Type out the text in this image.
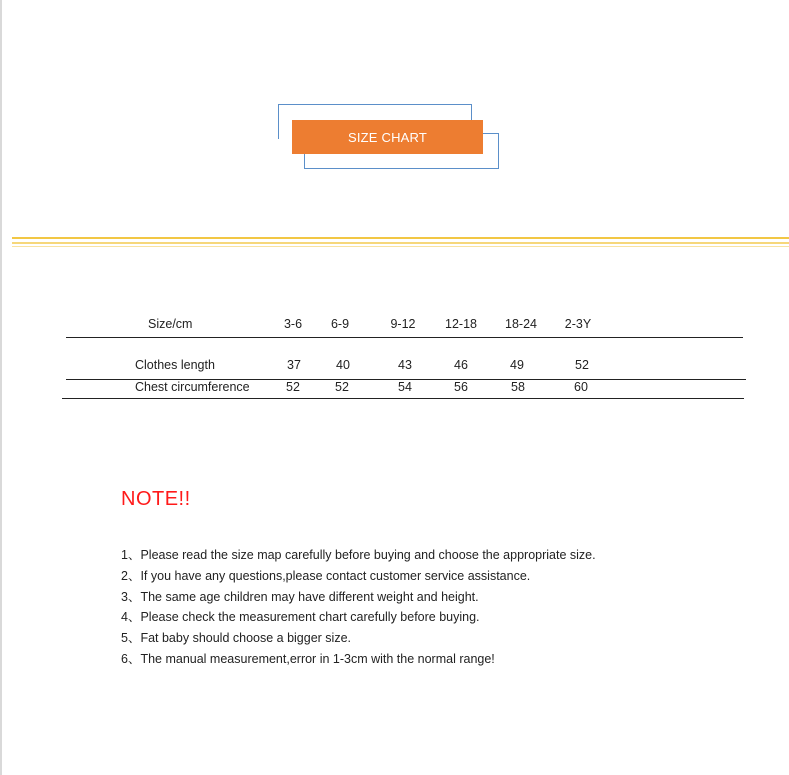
SIZE CHART
Size/cm	3-6	6-9	9-12	12-18	18-24	2-3Y
Clothes length	37	40	43	46	49	52
Chest circumference	52	52	54	56	58	60
NOTE!!
1、Please read the size map carefully before buying and choose the appropriate size.
2、If you have any questions,please contact customer service assistance.
3、The same age children may have different weight and height.
4、Please check the measurement chart carefully before buying.
5、Fat baby should choose a bigger size.
6、The manual measurement,error in 1-3cm with the normal range!
